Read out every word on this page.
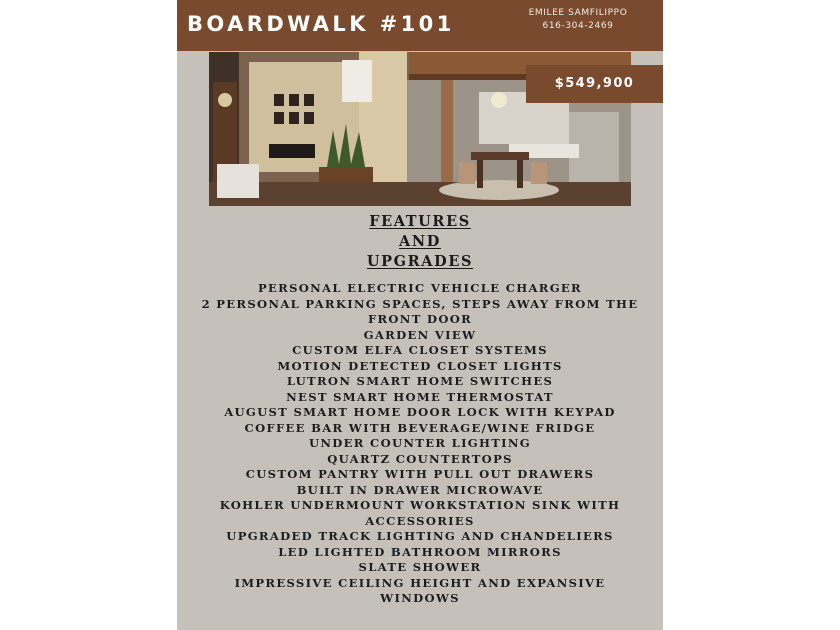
BOARDWALK #101	EMILEE SAMFILIPPO
616-304-2469
$549,900
FEATURES
AND
UPGRADES
PERSONAL ELECTRIC VEHICLE CHARGER
2 PERSONAL PARKING SPACES, STEPS AWAY FROM THE
FRONT DOOR
GARDEN VIEW
CUSTOM ELFA CLOSET SYSTEMS
MOTION DETECTED CLOSET LIGHTS
LUTRON SMART HOME SWITCHES
NEST SMART HOME THERMOSTAT
AUGUST SMART HOME DOOR LOCK WITH KEYPAD
COFFEE BAR WITH BEVERAGE/WINE FRIDGE
UNDER COUNTER LIGHTING
QUARTZ COUNTERTOPS
CUSTOM PANTRY WITH PULL OUT DRAWERS
BUILT IN DRAWER MICROWAVE
KOHLER UNDERMOUNT WORKSTATION SINK WITH
ACCESSORIES
UPGRADED TRACK LIGHTING AND CHANDELIERS
LED LIGHTED BATHROOM MIRRORS
SLATE SHOWER
IMPRESSIVE CEILING HEIGHT AND EXPANSIVE
WINDOWS
